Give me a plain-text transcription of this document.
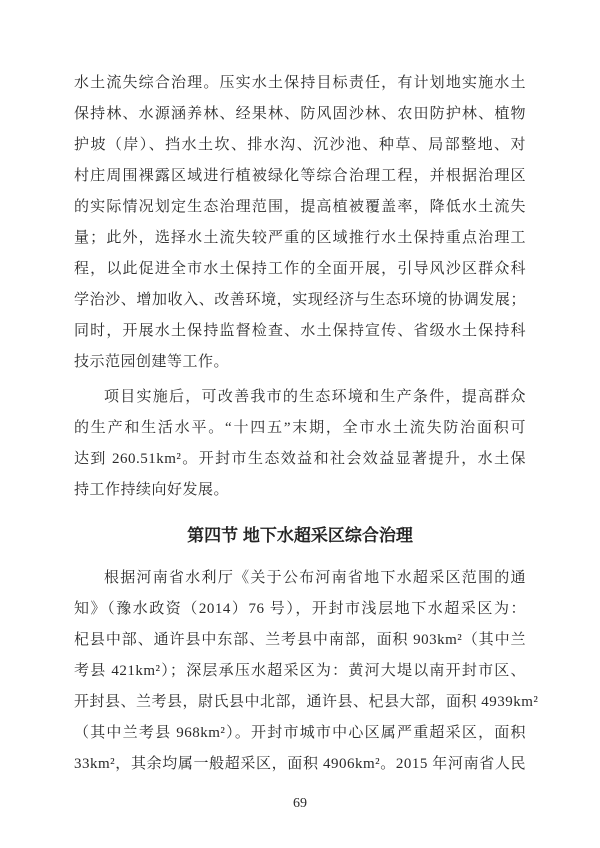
水土流失综合治理。压实水土保持目标责任，有计划地实施水土
保持林、水源涵养林、经果林、防风固沙林、农田防护林、植物
护坡（岸）、挡水土坎、排水沟、沉沙池、种草、局部整地、对
村庄周围裸露区域进行植被绿化等综合治理工程，并根据治理区
的实际情况划定生态治理范围，提高植被覆盖率，降低水土流失
量；此外，选择水土流失较严重的区域推行水土保持重点治理工
程，以此促进全市水土保持工作的全面开展，引导风沙区群众科
学治沙、增加收入、改善环境，实现经济与生态环境的协调发展；
同时，开展水土保持监督检查、水土保持宣传、省级水土保持科
技示范园创建等工作。
项目实施后，可改善我市的生态环境和生产条件，提高群众
的生产和生活水平。“十四五”末期，全市水土流失防治面积可
达到 260.51km²。开封市生态效益和社会效益显著提升，水土保
持工作持续向好发展。
第四节 地下水超采区综合治理
根据河南省水利厅《关于公布河南省地下水超采区范围的通
知》（豫水政资（2014）76 号），开封市浅层地下水超采区为：
杞县中部、通许县中东部、兰考县中南部，面积 903km²（其中兰
考县 421km²）；深层承压水超采区为：黄河大堤以南开封市区、
开封县、兰考县，尉氏县中北部，通许县、杞县大部，面积 4939km²
（其中兰考县 968km²）。开封市城市中心区属严重超采区，面积
33km²，其余均属一般超采区，面积 4906km²。2015 年河南省人民
69
